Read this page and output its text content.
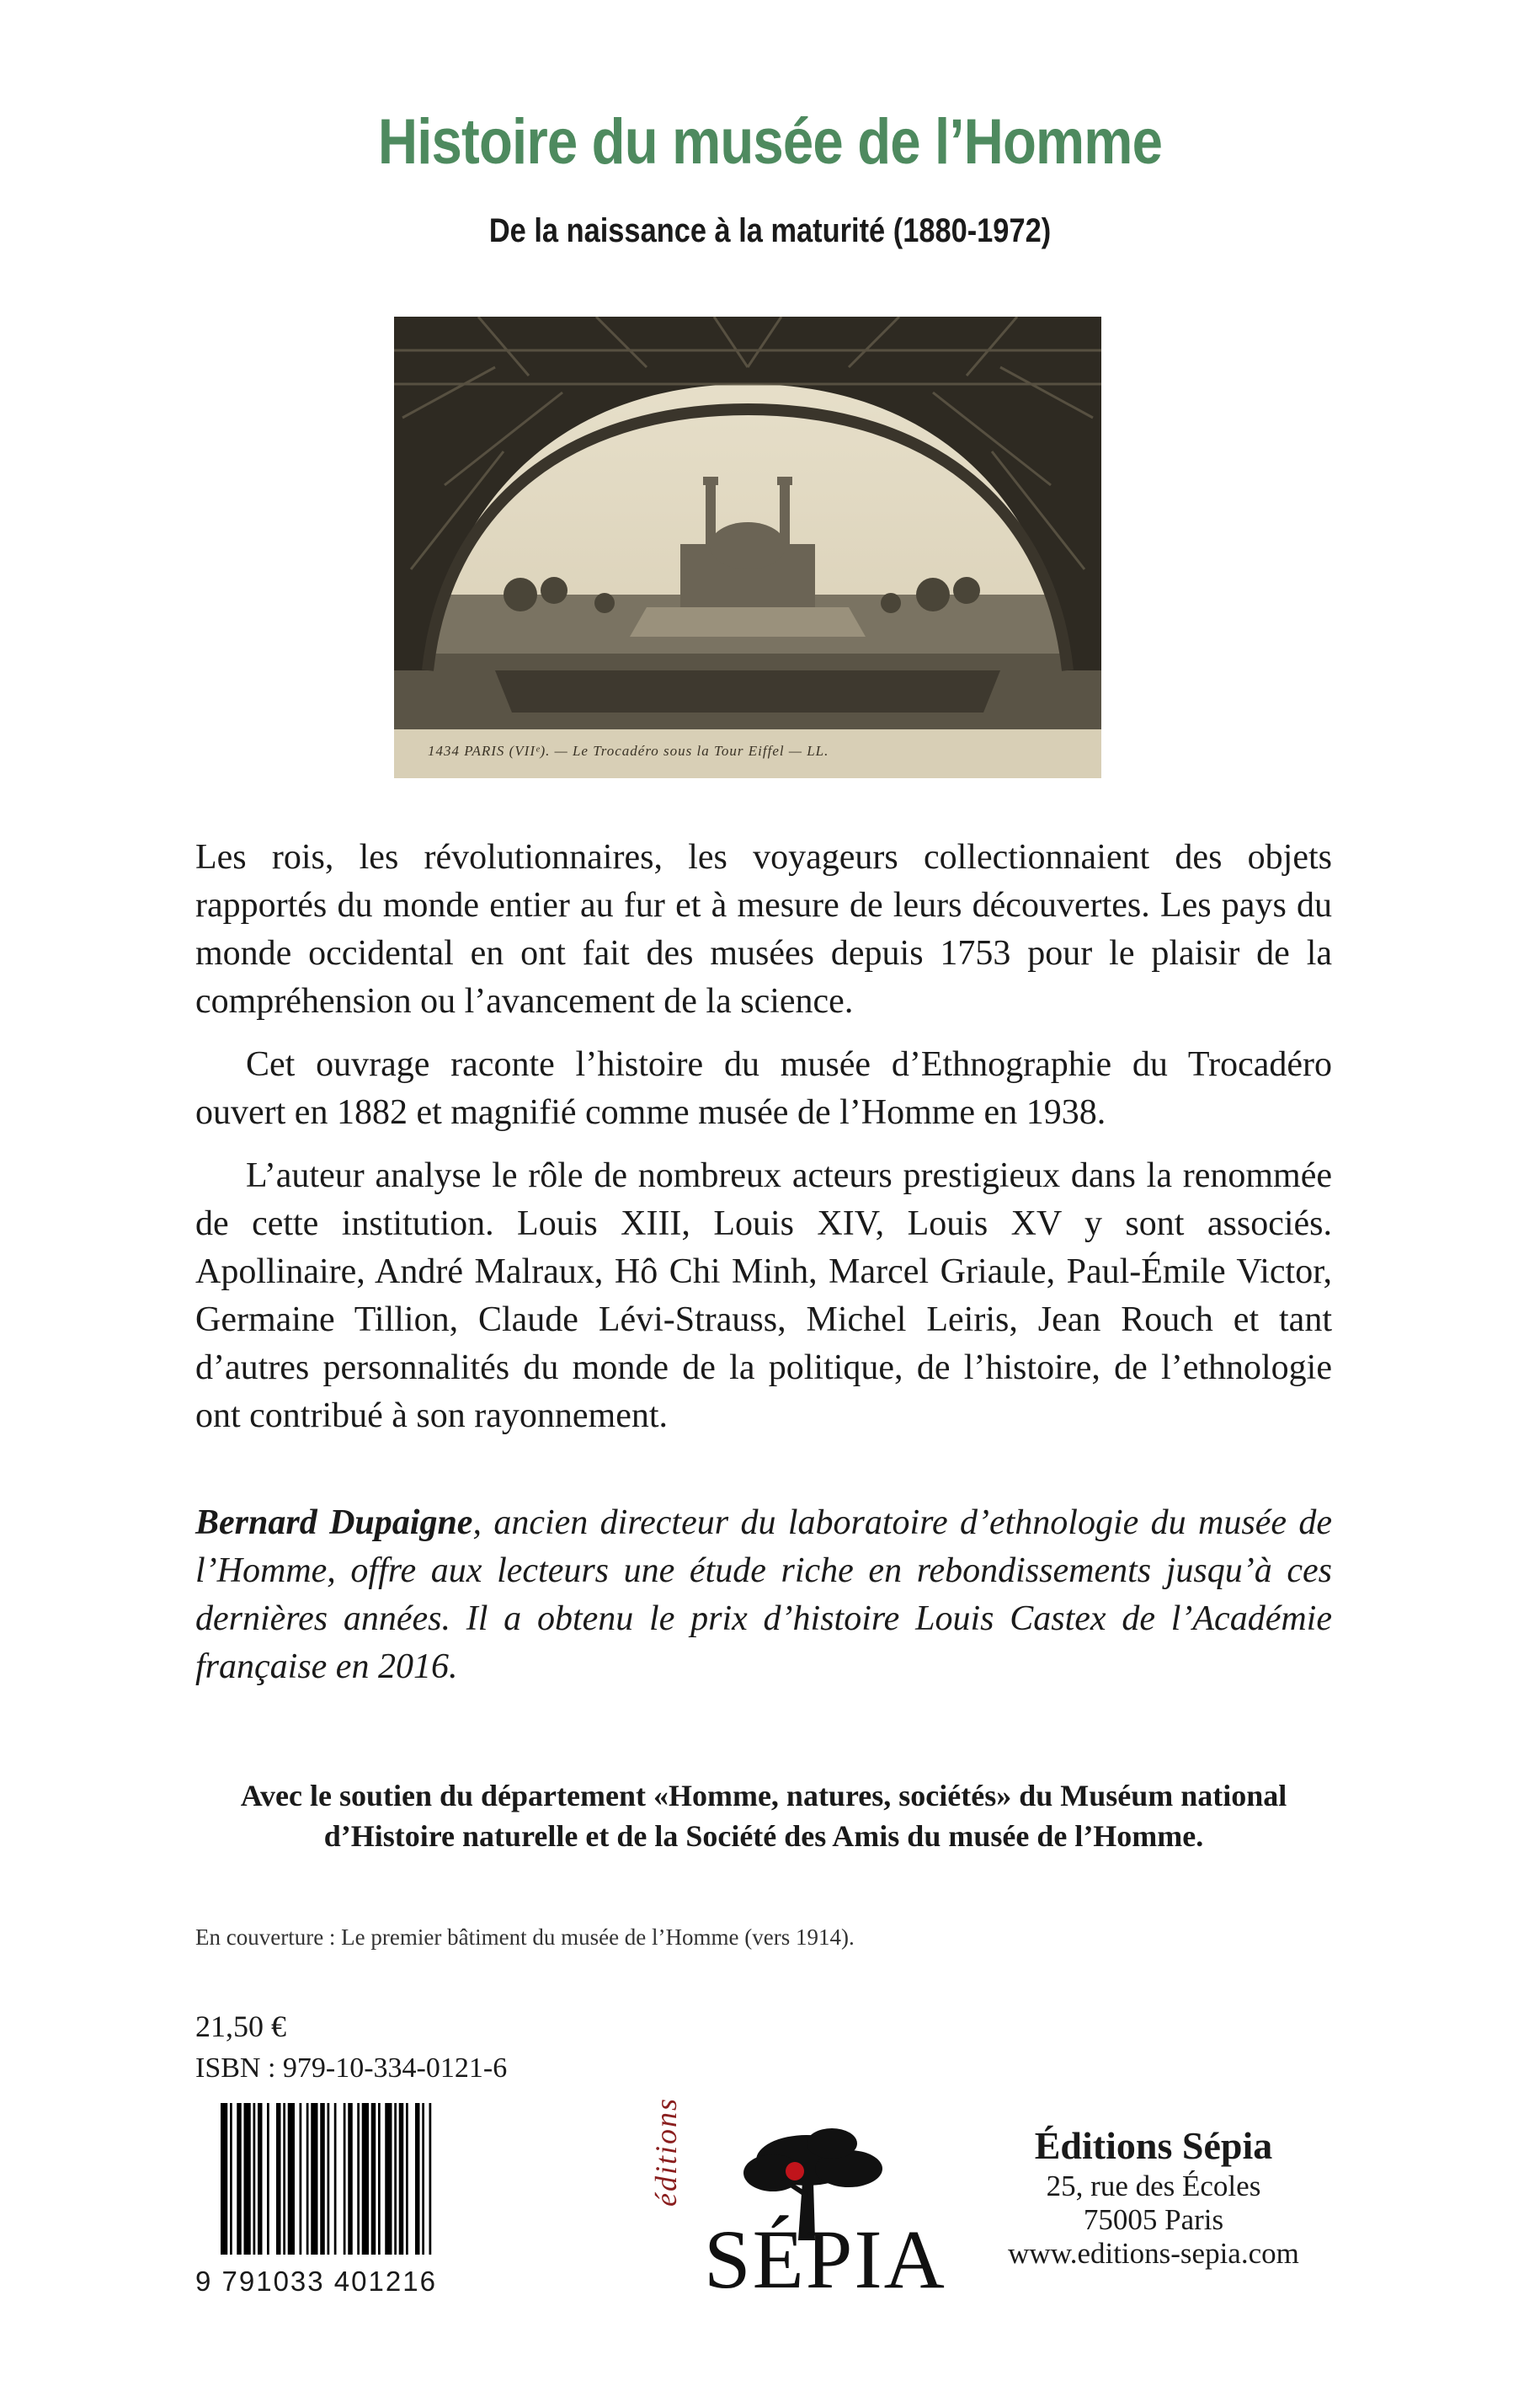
Histoire du musée de l’Homme
De la naissance à la maturité (1880-1972)
1434 PARIS (VIIᵉ). — Le Trocadéro sous la Tour Eiffel — LL.

Les rois, les révolutionnaires, les voyageurs collectionnaient des objets rapportés du monde entier au fur et à mesure de leurs découvertes. Les pays du monde occidental en ont fait des musées depuis 1753 pour le plaisir de la compréhension ou l’avancement de la science.

Cet ouvrage raconte l’histoire du musée d’Ethnographie du Trocadéro ouvert en 1882 et magnifié comme musée de l’Homme en 1938.

L’auteur analyse le rôle de nombreux acteurs prestigieux dans la renommée de cette institution. Louis XIII, Louis XIV, Louis XV y sont associés. Apollinaire, André Malraux, Hô Chi Minh, Marcel Griaule, Paul-Émile Victor, Germaine Tillion, Claude Lévi-Strauss, Michel Leiris, Jean Rouch et tant d’autres personnalités du monde de la politique, de l’histoire, de l’ethnologie ont contribué à son rayonnement.

Bernard Dupaigne, ancien directeur du laboratoire d’ethnologie du musée de l’Homme, offre aux lecteurs une étude riche en rebondissements jusqu’à ces dernières années. Il a obtenu le prix d’histoire Louis Castex de l’Académie française en 2016.
Avec le soutien du département «Homme, natures, sociétés» du Muséum national d’Histoire naturelle et de la Société des Amis du musée de l’Homme.
En couverture : Le premier bâtiment du musée de l’Homme (vers 1914).
21,50 €
ISBN : 979-10-334-0121-6
9 791033 401216
éditions
SÉPIA
Éditions Sépia
25, rue des Écoles
75005 Paris
www.editions-sepia.com
